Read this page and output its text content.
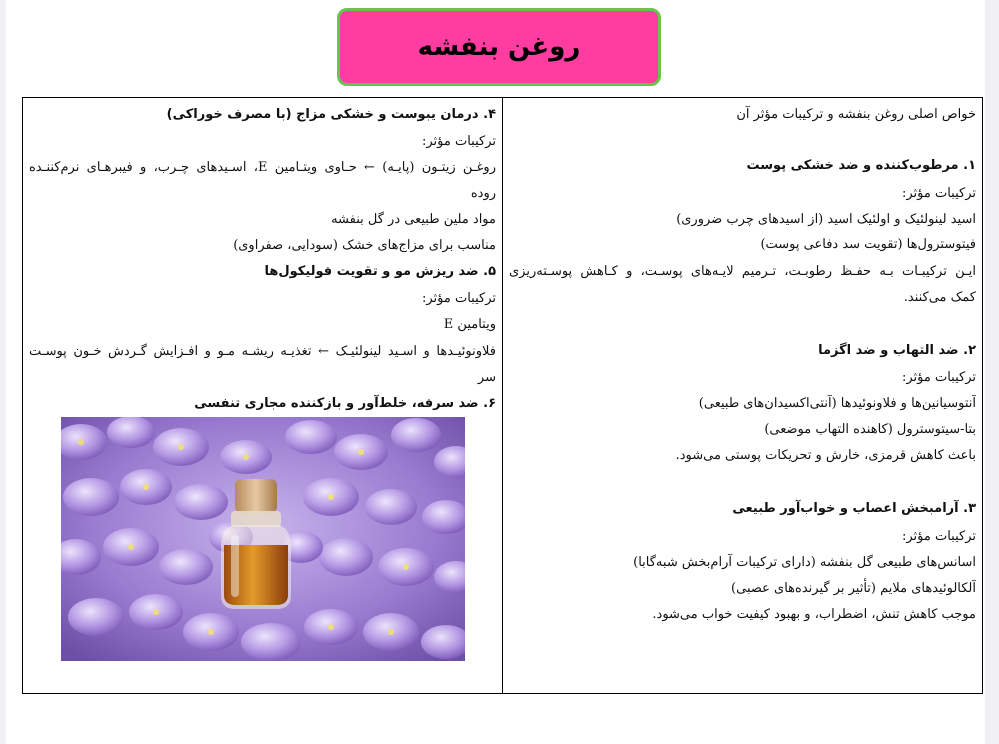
روغن بنفشه
خواص اصلی روغن بنفشه و ترکیبات مؤثر آن
۱. مرطوب‌کننده و ضد خشکی پوست
ترکیبات مؤثر:
اسید لینولئیک و اولئیک اسید (از اسیدهای چرب ضروری)
فیتوسترول‌ها (تقویت سد دفاعی پوست)
ایـن ترکیبـات بـه حفـظ رطوبـت، تـرمیم لایـه‌های پوسـت، و کـاهش پوسـته‌ریزی
کمک می‌کنند.
۲. ضد التهاب و ضد اگزما
ترکیبات مؤثر:
آنتوسیانین‌ها و فلاونوئیدها (آنتی‌اکسیدان‌های طبیعی)
بتا-سیتوسترول (کاهنده التهاب موضعی)
باعث کاهش قرمزی، خارش و تحریکات پوستی می‌شود.
۳. آرامبخش اعصاب و خواب‌آور طبیعی
ترکیبات مؤثر:
اسانس‌های طبیعی گل بنفشه (دارای ترکیبات آرام‌بخش شبه‌گابا)
آلکالوئیدهای ملایم (تأثیر بر گیرنده‌های عصبی)
موجب کاهش تنش، اضطراب، و بهبود کیفیت خواب می‌شود.
۴. درمان یبوست و خشکی مزاج (با مصرف خوراکی)
ترکیبات مؤثر:
روغـن زیتـون (پایـه) ← حـاوی ویتـامین E، اسـیدهای چـرب، و فیبرهـای نرم‌کننـده
روده
مواد ملین طبیعی در گل بنفشه
مناسب برای مزاج‌های خشک (سودایی، صفراوی)
۵. ضد ریزش مو و تقویت فولیکول‌ها
ترکیبات مؤثر:
ویتامین E
فلاونوئیـدها و اسـید لینولئیـک ← تغذیـه ریشـه مـو و افـزایش گـردش خـون پوسـت
سر
۶. ضد سرفه، خلط‌آور و بازکننده مجاری تنفسی
